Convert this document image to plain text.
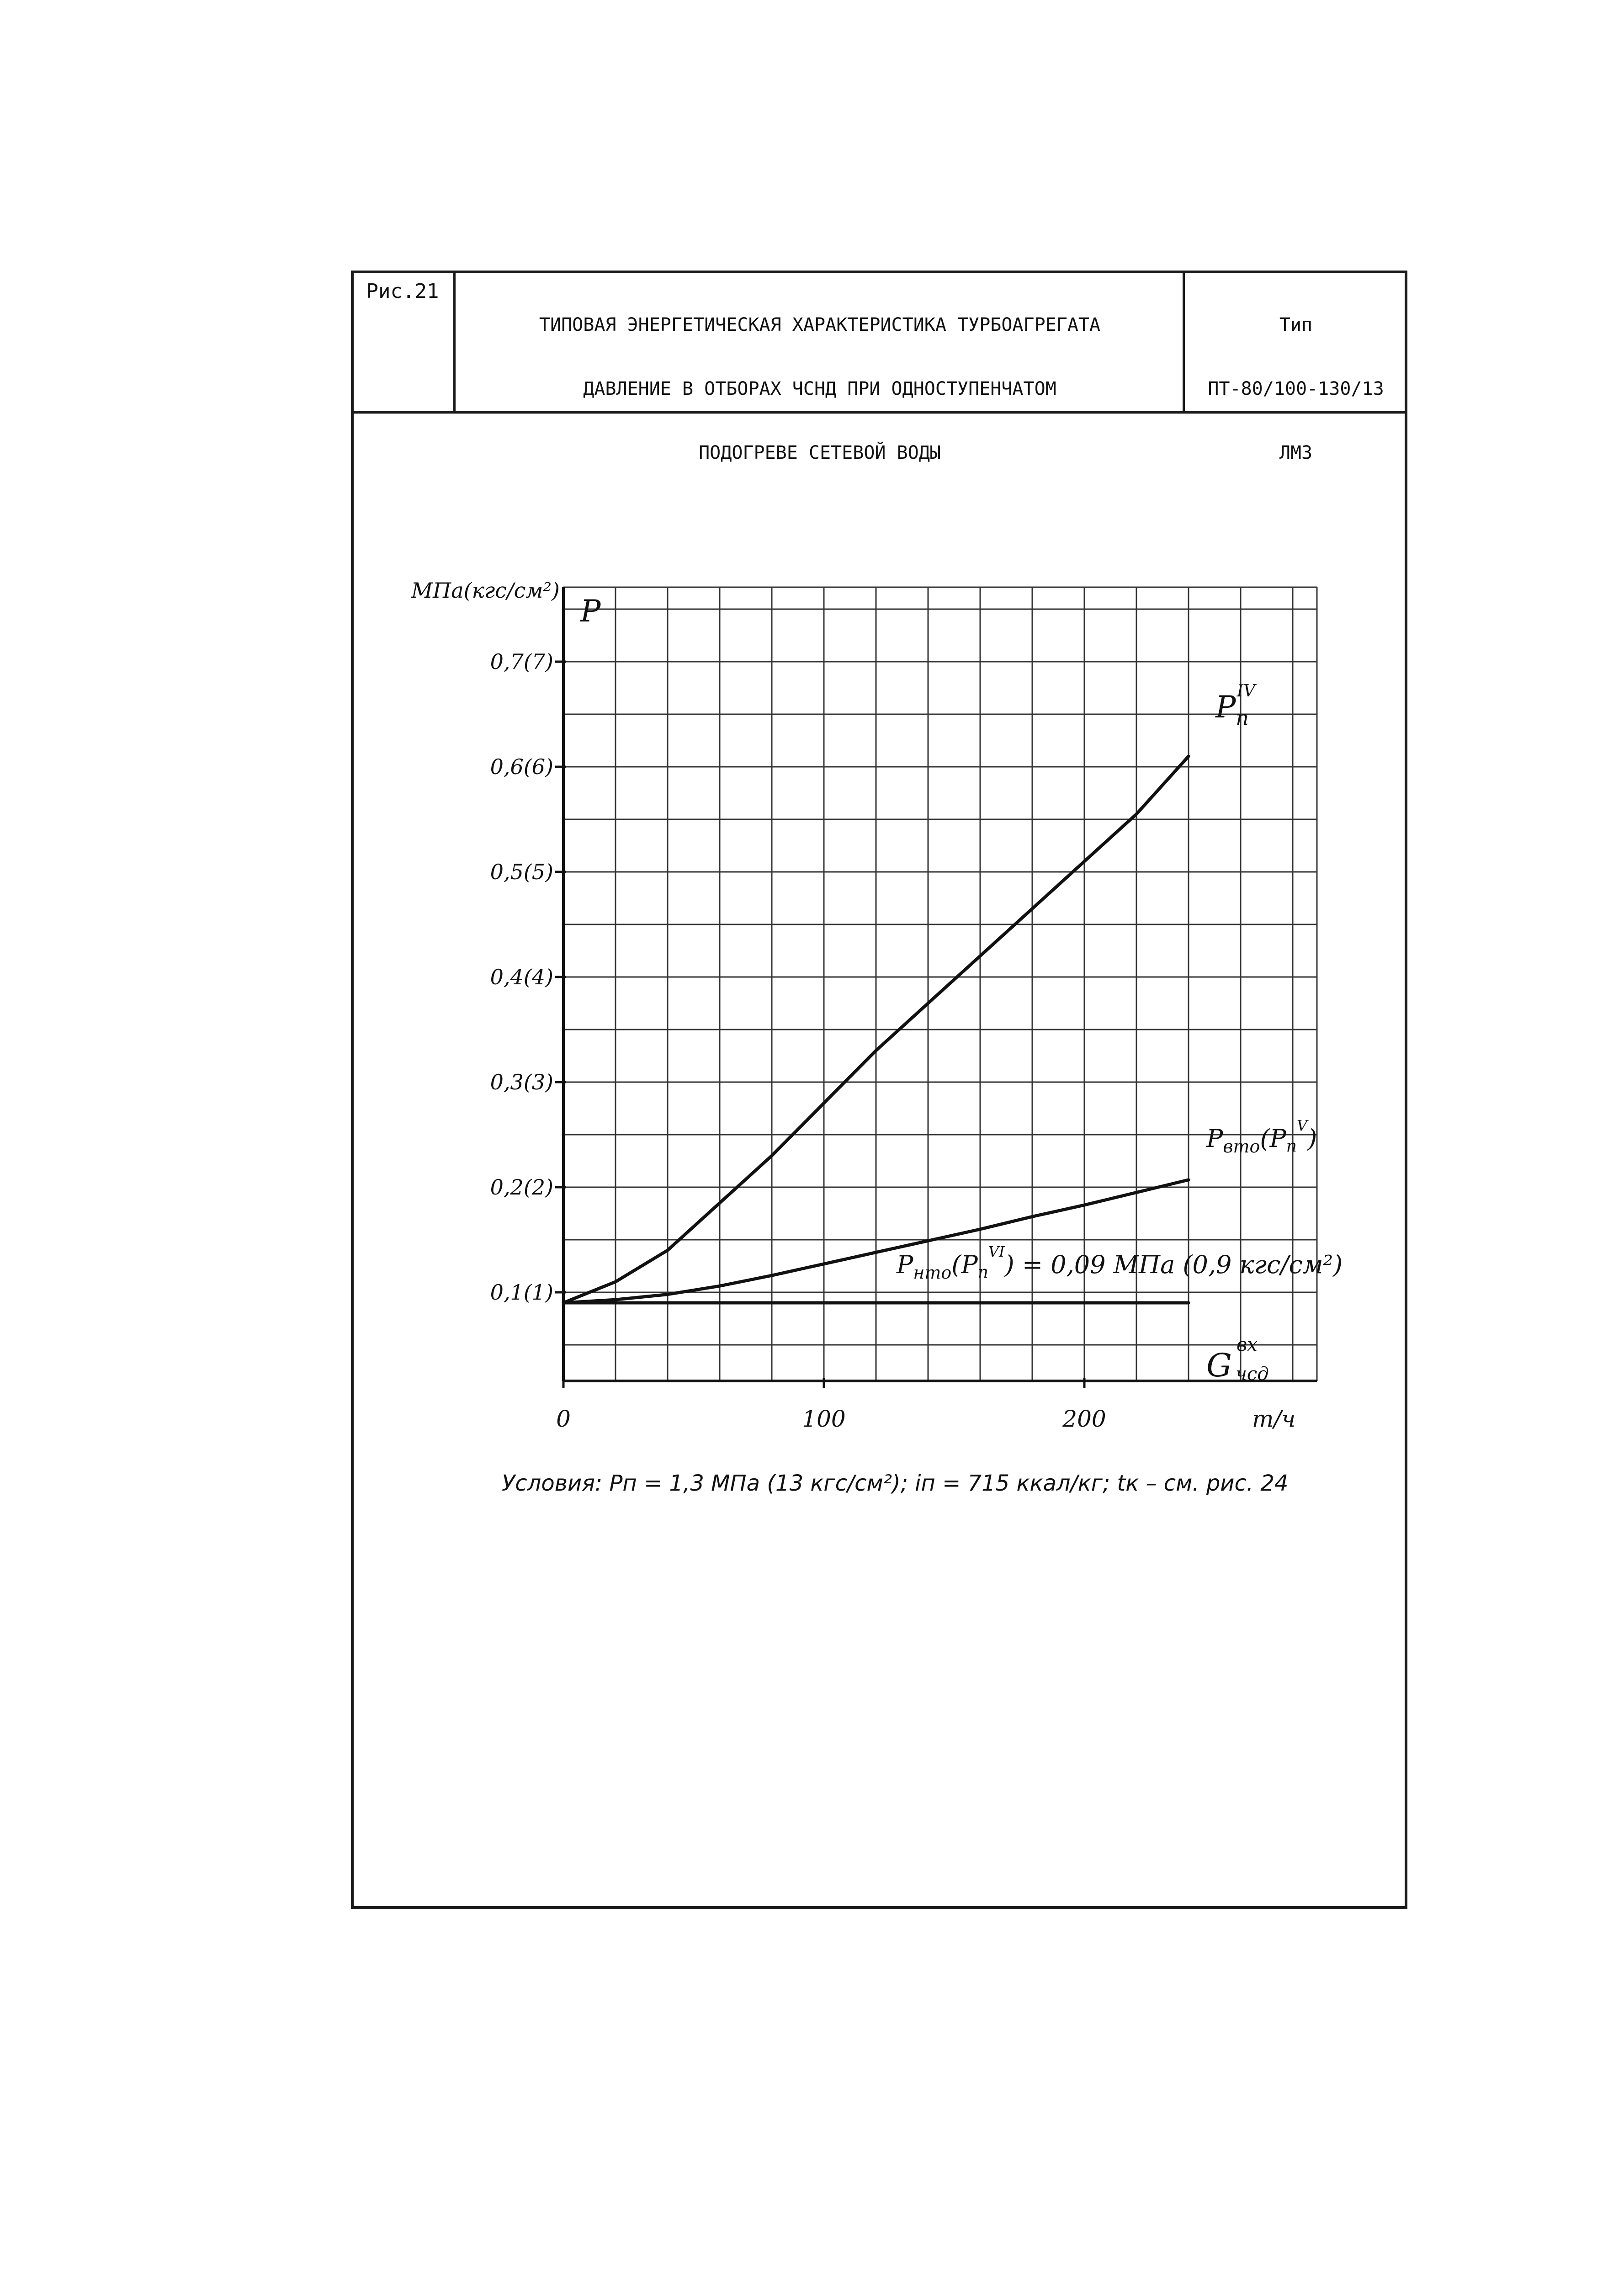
Рис.21

ТИПОВАЯ ЭНЕРГЕТИЧЕСКАЯ ХАРАКТЕРИСТИКА ТУРБОАГРЕГАТА

ДАВЛЕНИЕ В ОТБОРАХ ЧСНД ПРИ ОДНОСТУПЕНЧАТОМ

ПОДОГРЕВЕ СЕТЕВОЙ ВОДЫ

Тип

ПТ-80/100-130/13

ЛМЗ

0,1(1)
0,2(2)
0,3(3)
0,4(4)
0,5(5)
0,6(6)
0,7(7)
0	100	200
МПа(кгс/см²)
P
G
вх
чсд
т/ч
$P_пIV$
$P_{вто}(Pп^V)$
$P_{нто}(Pп^{VI}) = 0,09$ МПа (0,9 кгс/см²)
Условия: Pп = 1,3 МПа (13 кгс/см²); iп = 715 ккал/кг; tк – см. рис. 24
